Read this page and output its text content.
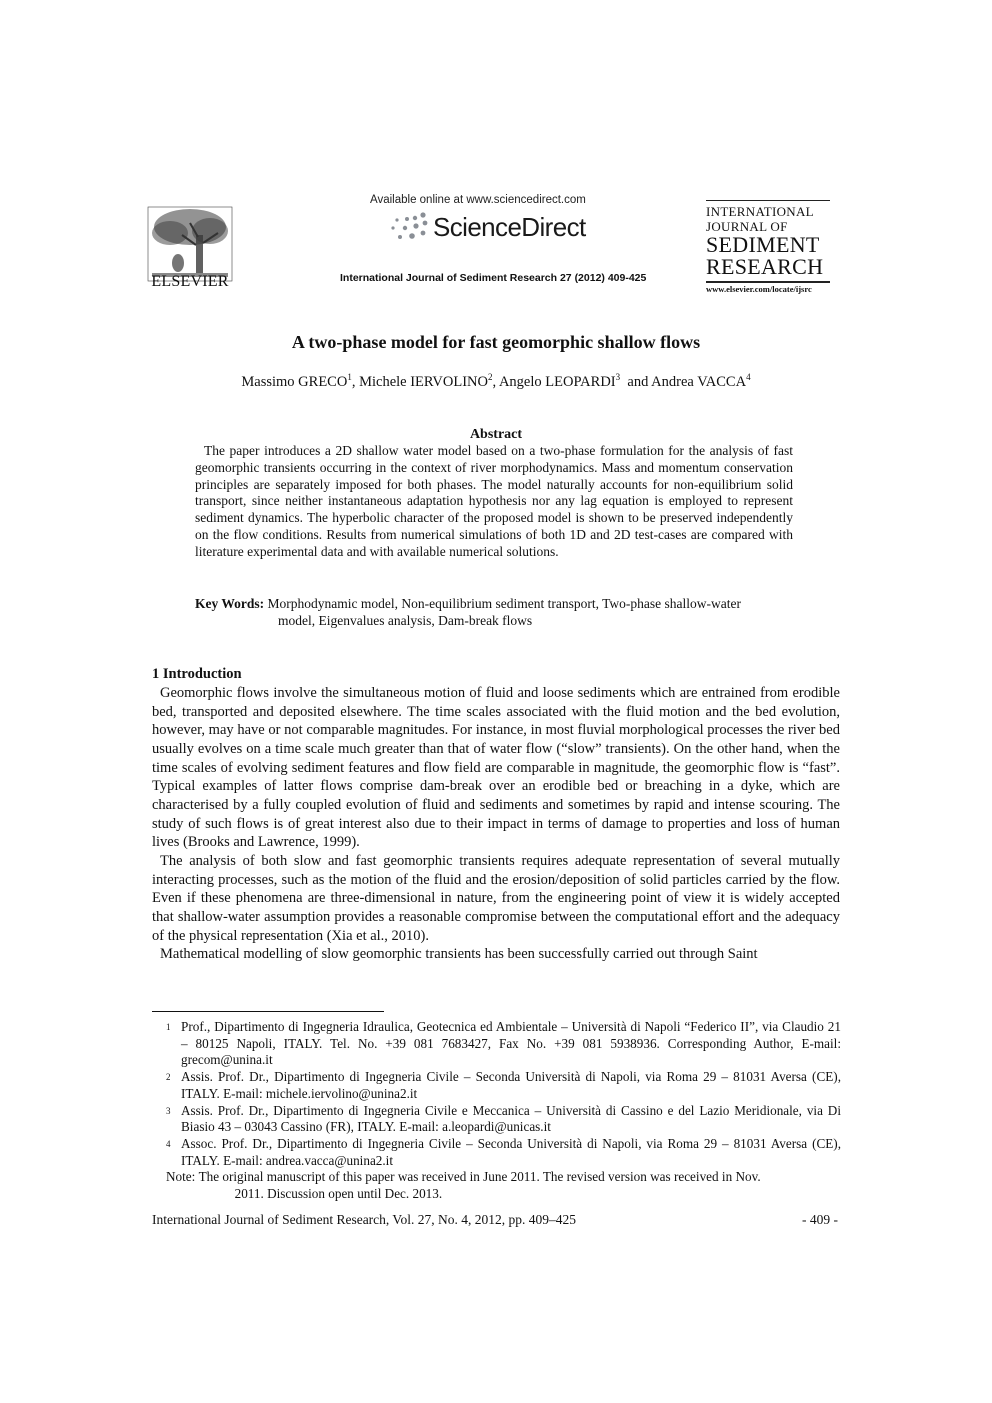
ELSEVIER
Available online at www.sciencedirect.com
ScienceDirect
International Journal of Sediment Research 27 (2012) 409-425
INTERNATIONAL
JOURNAL OF
SEDIMENT
RESEARCH
www.elsevier.com/locate/ijsrc
A two-phase model for fast geomorphic shallow flows
Massimo GRECO$^1$, Michele IERVOLINO$^2$, Angelo LEOPARDI$^3$  and Andrea VACCA$^4$
Abstract

The paper introduces a 2D shallow water model based on a two-phase formulation for the analysis of fast geomorphic transients occurring in the context of river morphodynamics. Mass and momentum conservation principles are separately imposed for both phases. The model naturally accounts for non-equilibrium solid transport, since neither instantaneous adaptation hypothesis nor any lag equation is employed to represent sediment dynamics. The hyperbolic character of the proposed model is shown to be preserved independently on the flow conditions. Results from numerical simulations of both 1D and 2D test-cases are compared with literature experimental data and with available numerical solutions.

Key Words: Morphodynamic model, Non-equilibrium sediment transport, Two-phase shallow-water
model, Eigenvalues analysis, Dam-break flows
1 Introduction

Geomorphic flows involve the simultaneous motion of fluid and loose sediments which are entrained from erodible bed, transported and deposited elsewhere. The time scales associated with the fluid motion and the bed evolution, however, may have or not comparable magnitudes. For instance, in most fluvial morphological processes the river bed usually evolves on a time scale much greater than that of water flow (“slow” transients). On the other hand, when the time scales of evolving sediment features and flow field are comparable in magnitude, the geomorphic flow is “fast”. Typical examples of latter flows comprise dam-break over an erodible bed or breaching in a dyke, which are characterised by a fully coupled evolution of fluid and sediments and sometimes by rapid and intense scouring. The study of such flows is of great interest also due to their impact in terms of damage to properties and loss of human lives (Brooks and Lawrence, 1999).

The analysis of both slow and fast geomorphic transients requires adequate representation of several mutually interacting processes, such as the motion of the fluid and the erosion/deposition of solid particles carried by the flow. Even if these phenomena are three-dimensional in nature, from the engineering point of view it is widely accepted that shallow-water assumption provides a reasonable compromise between the computational effort and the adequacy of the physical representation (Xia et al., 2010).

Mathematical modelling of slow geomorphic transients has been successfully carried out through Saint

1 Prof., Dipartimento di Ingegneria Idraulica, Geotecnica ed Ambientale – Università di Napoli “Federico II”, via Claudio 21 – 80125 Napoli, ITALY. Tel. No. +39 081 7683427, Fax No. +39 081 5938936. Corresponding Author, E-mail: grecom@unina.it
2 Assis. Prof. Dr., Dipartimento di Ingegneria Civile – Seconda Università di Napoli, via Roma 29 – 81031 Aversa (CE), ITALY. E-mail: michele.iervolino@unina2.it
3 Assis. Prof. Dr., Dipartimento di Ingegneria Civile e Meccanica – Università di Cassino e del Lazio Meridionale, via Di Biasio 43 – 03043 Cassino (FR), ITALY. E-mail: a.leopardi@unicas.it
4 Assoc. Prof. Dr., Dipartimento di Ingegneria Civile – Seconda Università di Napoli, via Roma 29 – 81031 Aversa (CE), ITALY. E-mail: andrea.vacca@unina2.it
Note:
The original manuscript of this paper was received in June 2011. The revised version was received in Nov.
2011. Discussion open until Dec. 2013.
International Journal of Sediment Research, Vol. 27, No. 4, 2012, pp. 409–425	- 409 -
